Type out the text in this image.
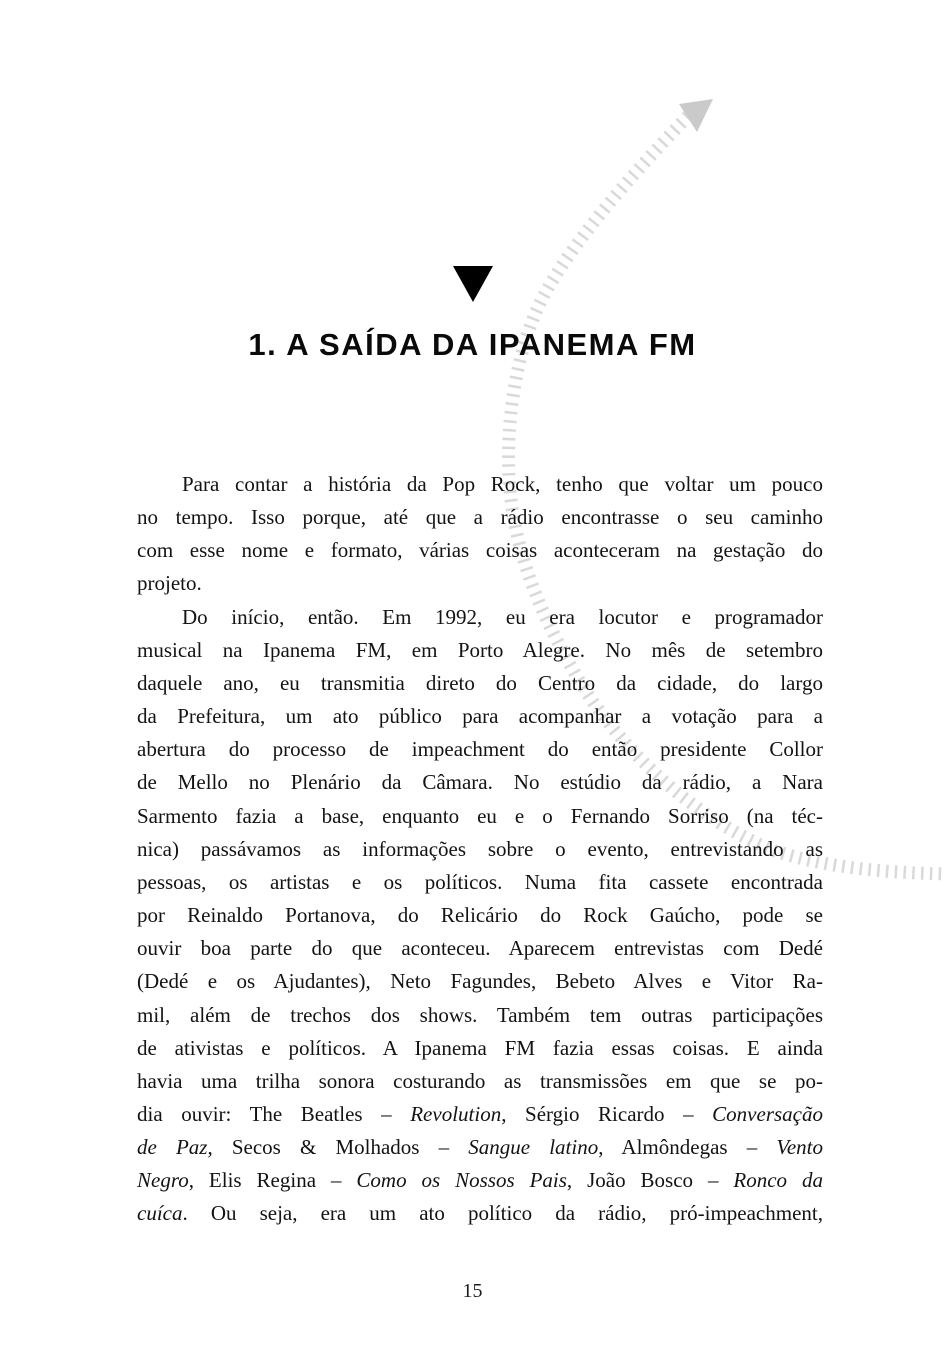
1. A SAÍDA DA IPANEMA FM
Para contar a história da Pop Rock, tenho que voltar um pouco
no tempo. Isso porque, até que a rádio encontrasse o seu caminho
com esse nome e formato, várias coisas aconteceram na gestação do
projeto.
Do início, então. Em 1992, eu era locutor e programador
musical na Ipanema FM, em Porto Alegre. No mês de setembro
daquele ano, eu transmitia direto do Centro da cidade, do largo
da Prefeitura, um ato público para acompanhar a votação para a
abertura do processo de impeachment do então presidente Collor
de Mello no Plenário da Câmara. No estúdio da rádio, a Nara
Sarmento fazia a base, enquanto eu e o Fernando Sorriso (na téc-
nica) passávamos as informações sobre o evento, entrevistando as
pessoas, os artistas e os políticos. Numa fita cassete encontrada
por Reinaldo Portanova, do Relicário do Rock Gaúcho, pode se
ouvir boa parte do que aconteceu. Aparecem entrevistas com Dedé
(Dedé e os Ajudantes), Neto Fagundes, Bebeto Alves e Vitor Ra-
mil, além de trechos dos shows. Também tem outras participações
de ativistas e políticos. A Ipanema FM fazia essas coisas. E ainda
havia uma trilha sonora costurando as transmissões em que se po-
dia ouvir: The Beatles – Revolution, Sérgio Ricardo – Conversação
de Paz, Secos & Molhados – Sangue latino, Almôndegas – Vento
Negro, Elis Regina – Como os Nossos Pais, João Bosco – Ronco da
cuíca. Ou seja, era um ato político da rádio, pró-impeachment,
15
